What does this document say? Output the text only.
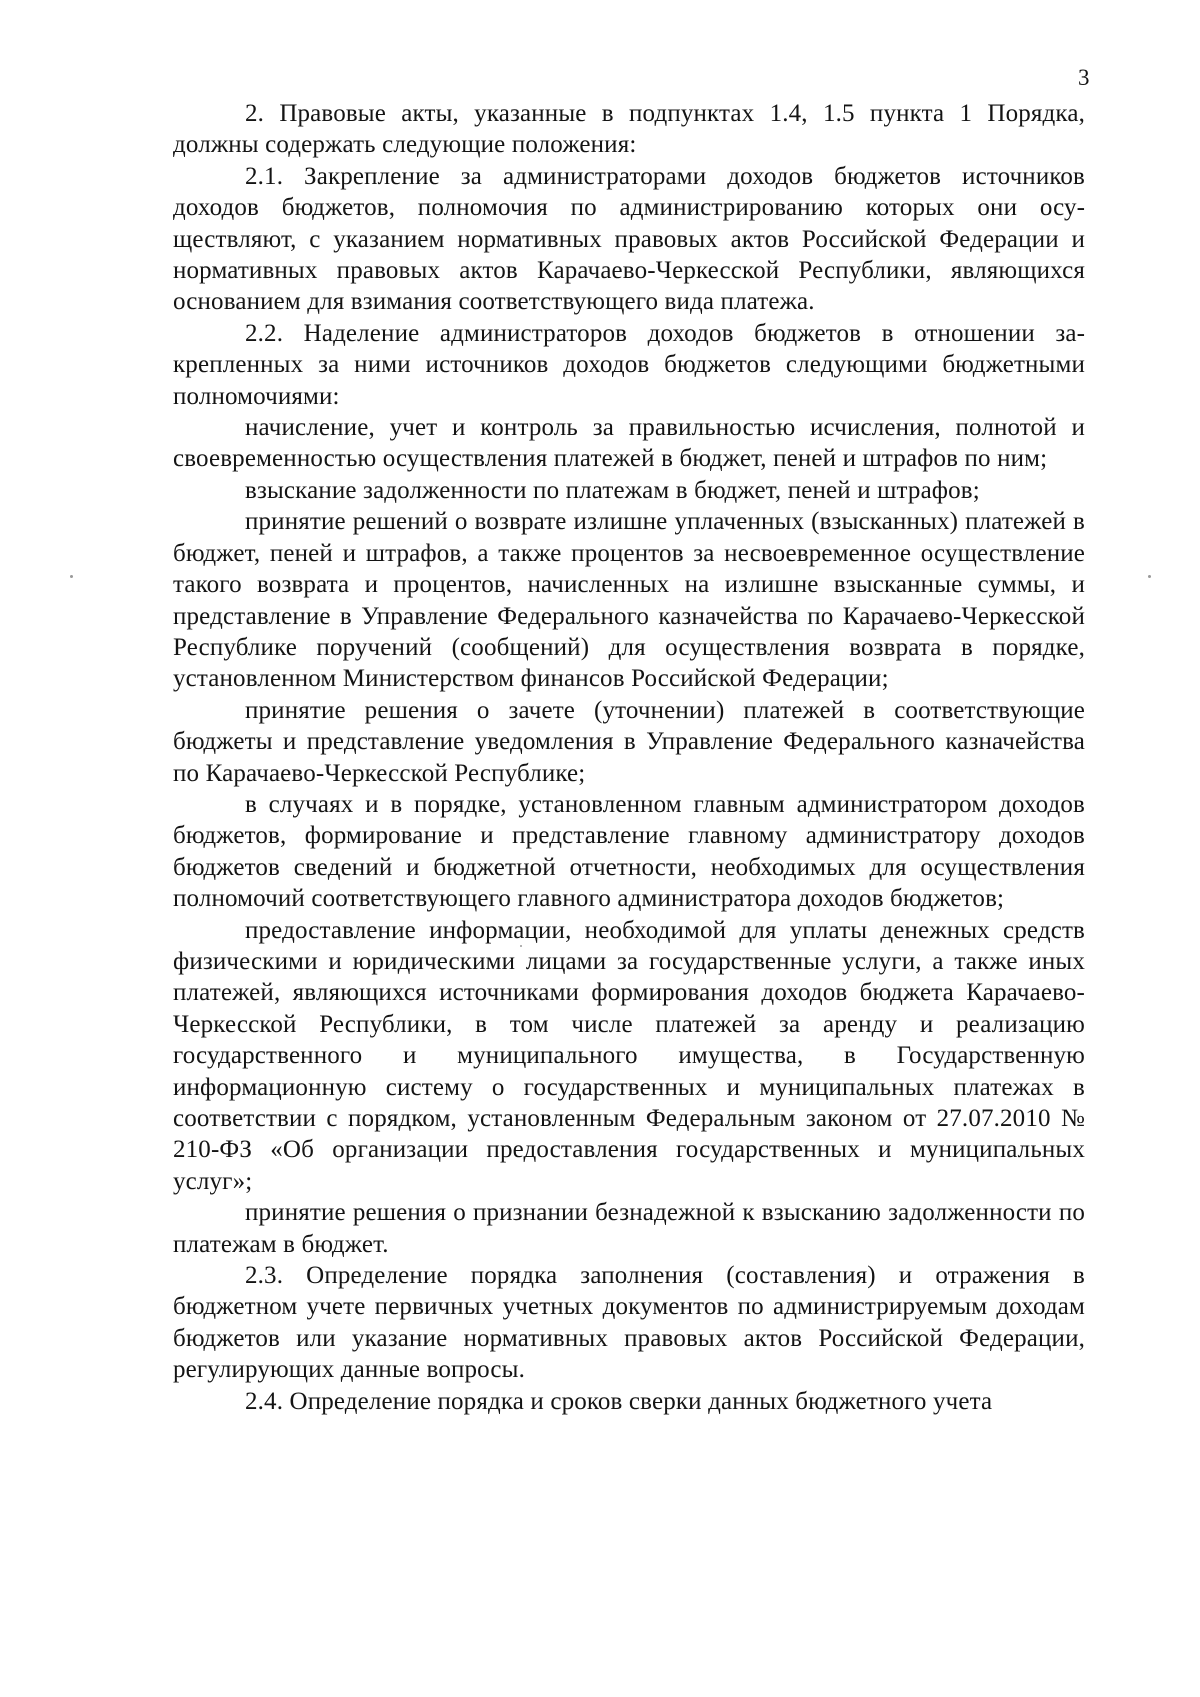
3

2. Правовые акты, указанные в подпунктах 1.4, 1.5 пункта 1 Порядка, должны содержать следующие положения:

2.1. Закрепление за администраторами доходов бюджетов источников доходов бюджетов, полномочия по администрированию которых они осуществляют, с указанием нормативных правовых актов Российской Федерации и нормативных правовых актов Карачаево-Черкесской Республики, являющихся основанием для взимания соответствующего вида платежа.

2.2. Наделение администраторов доходов бюджетов в отношении закрепленных за ними источников доходов бюджетов следующими бюджетными полномочиями:

начисление, учет и контроль за правильностью исчисления, полнотой и своевременностью осуществления платежей в бюджет, пеней и штрафов по ним;

взыскание задолженности по платежам в бюджет, пеней и штрафов;

принятие решений о возврате излишне уплаченных (взысканных) платежей в бюджет, пеней и штрафов, а также процентов за несвоевременное осуществление такого возврата и процентов, начисленных на излишне взысканные суммы, и представление в Управление Федерального казначейства по Карачаево-Черкесской Республике поручений (сообщений) для осуществления возврата в порядке, установленном Министерством финансов Российской Федерации;

принятие решения о зачете (уточнении) платежей в соответствующие бюджеты и представление уведомления в Управление Федерального казначейства по Карачаево-Черкесской Республике;

в случаях и в порядке, установленном главным администратором доходов бюджетов, формирование и представление главному администратору доходов бюджетов сведений и бюджетной отчетности, необходимых для осуществления полномочий соответствующего главного администратора доходов бюджетов;

предоставление информации, необходимой для уплаты денежных средств физическими и юридическими лицами за государственные услуги, а также иных платежей, являющихся источниками формирования доходов бюджета Карачаево-Черкесской Республики, в том числе платежей за аренду и реализацию государственного и муниципального имущества, в Государственную информационную систему о государственных и муниципальных платежах в соответствии с порядком, установленным Федеральным законом от 27.07.2010 № 210-ФЗ «Об организации предоставления государственных и муниципальных услуг»;

принятие решения о признании безнадежной к взысканию задолженности по платежам в бюджет.

2.3. Определение порядка заполнения (составления) и отражения в бюджетном учете первичных учетных документов по администрируемым доходам бюджетов или указание нормативных правовых актов Российской Федерации, регулирующих данные вопросы.

2.4. Определение порядка и сроков сверки данных бюджетного учета
